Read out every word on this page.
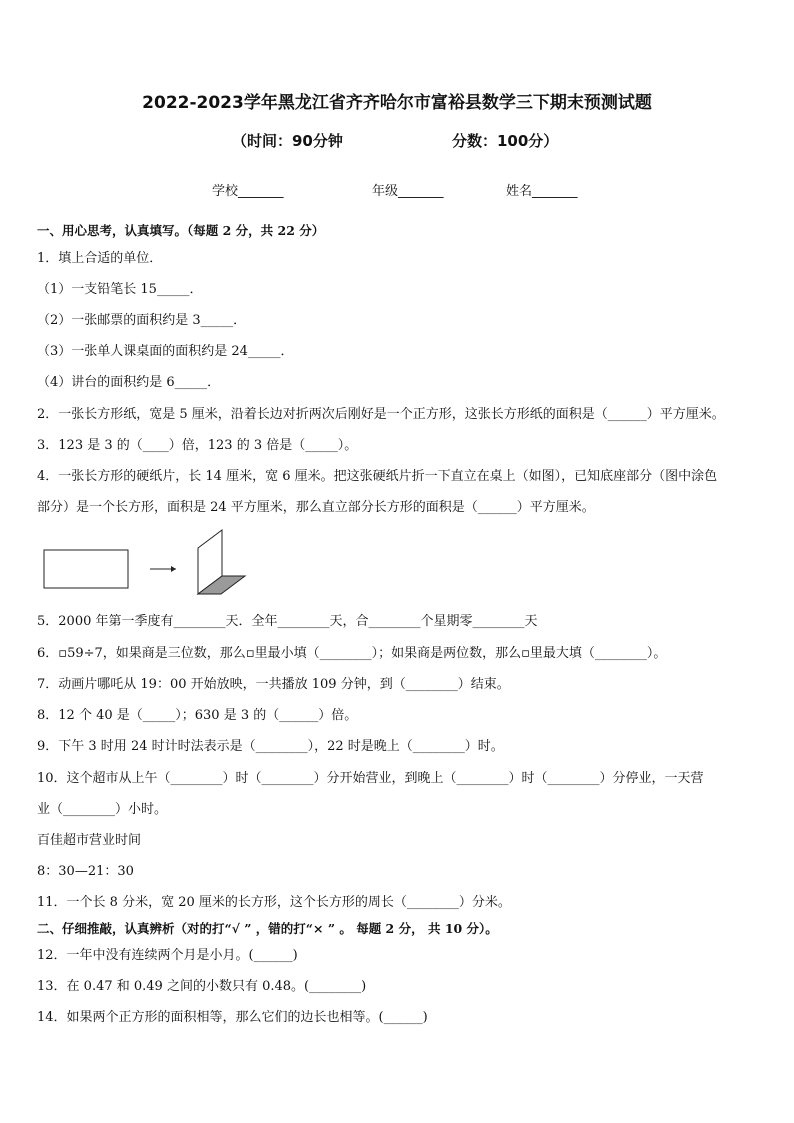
2022-2023学年黑龙江省齐齐哈尔市富裕县数学三下期末预测试题
（时间：90分钟	分数：100分）
学校_______	年级_______	姓名_______
一、用心思考，认真填写。（每题 2 分，共 22 分）
1．填上合适的单位．
（1）一支铅笔长 15_____．
（2）一张邮票的面积约是 3_____．
（3）一张单人课桌面的面积约是 24_____．
（4）讲台的面积约是 6_____．
2．一张长方形纸，宽是 5 厘米，沿着长边对折两次后刚好是一个正方形，这张长方形纸的面积是（______）平方厘米。
3．123 是 3 的（____）倍，123 的 3 倍是（_____）。
4．一张长方形的硬纸片，长 14 厘米，宽 6 厘米。把这张硬纸片折一下直立在桌上（如图），已知底座部分（图中涂色
部分）是一个长方形，面积是 24 平方厘米，那么直立部分长方形的面积是（______）平方厘米。
5．2000 年第一季度有________天．全年________天，合________个星期零________天
6．▫59÷7，如果商是三位数，那么▫里最小填（________）；如果商是两位数，那么▫里最大填（________）。
7．动画片哪吒从 19：00 开始放映，一共播放 109 分钟，到（________）结束。
8．12 个 40 是（_____）；630 是 3 的（______）倍。
9．下午 3 时用 24 时计时法表示是（________），22 时是晚上（________）时。
10．这个超市从上午（________）时（________）分开始营业，到晚上（________）时（________）分停业，一天营
业（________）小时。
百佳超市营业时间
8：30—21：30
11．一个长 8 分米，宽 20 厘米的长方形，这个长方形的周长（________）分米。
二、仔细推敲，认真辨析（对的打“√ ” ，错的打“× ” 。 每题 2 分， 共 10 分）。
12．一年中没有连续两个月是小月。(______)
13．在 0.47 和 0.49 之间的小数只有 0.48。(________)
14．如果两个正方形的面积相等，那么它们的边长也相等。(______)
